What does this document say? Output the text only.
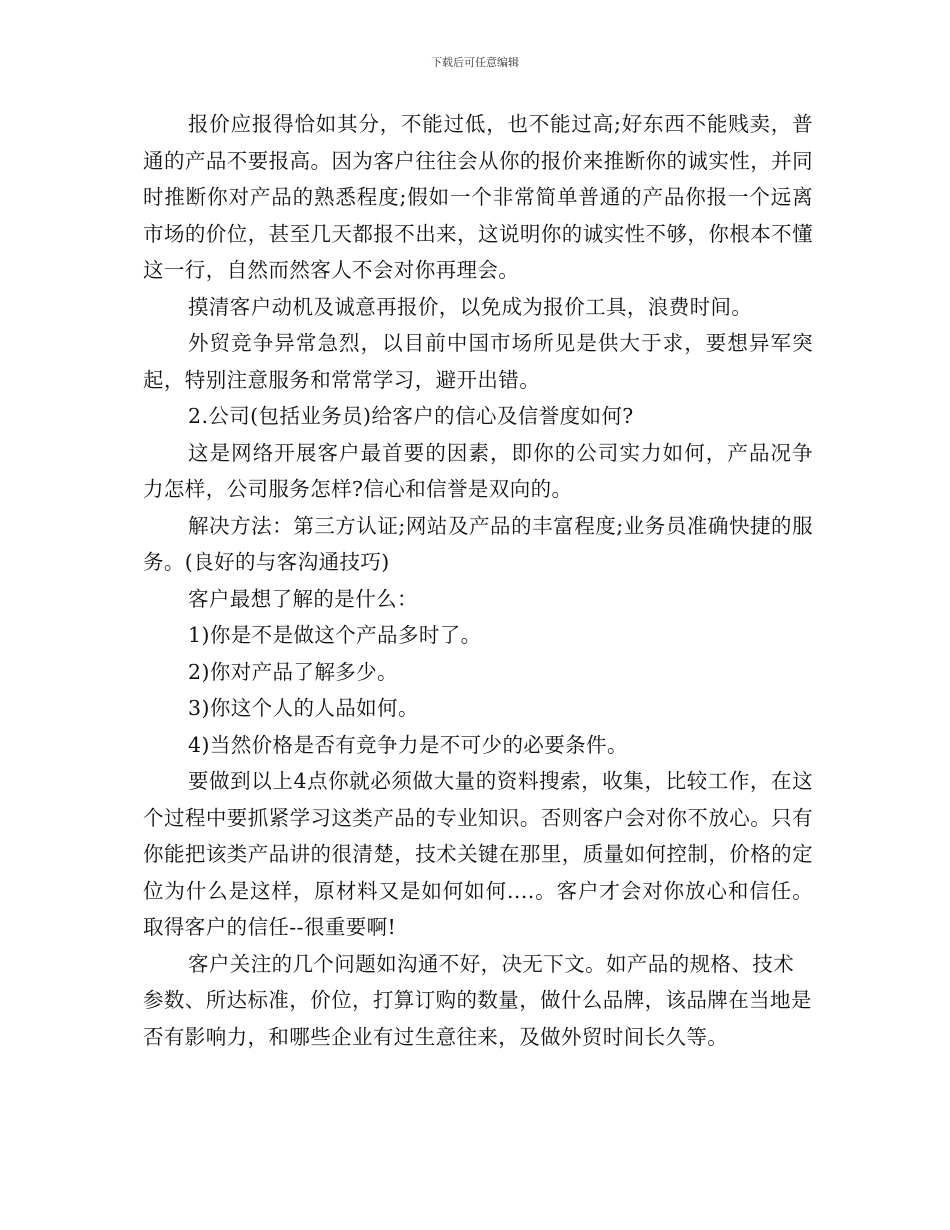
下载后可任意编辑

报价应报得恰如其分，不能过低，也不能过高;好东西不能贱卖，普通的产品不要报高。因为客户往往会从你的报价来推断你的诚实性，并同时推断你对产品的熟悉程度;假如一个非常简单普通的产品你报一个远离市场的价位，甚至几天都报不出来，这说明你的诚实性不够，你根本不懂这一行，自然而然客人不会对你再理会。

摸清客户动机及诚意再报价，以免成为报价工具，浪费时间。

外贸竞争异常急烈，以目前中国市场所见是供大于求，要想异军突起，特别注意服务和常常学习，避开出错。

2.公司(包括业务员)给客户的信心及信誉度如何?

这是网络开展客户最首要的因素，即你的公司实力如何，产品况争力怎样，公司服务怎样?信心和信誉是双向的。

解决方法：第三方认证;网站及产品的丰富程度;业务员准确快捷的服务。(良好的与客沟通技巧)

客户最想了解的是什么：

1)你是不是做这个产品多时了。

2)你对产品了解多少。

3)你这个人的人品如何。

4)当然价格是否有竞争力是不可少的必要条件。

要做到以上4点你就必须做大量的资料搜索，收集，比较工作，在这个过程中要抓紧学习这类产品的专业知识。否则客户会对你不放心。只有你能把该类产品讲的很清楚，技术关键在那里，质量如何控制，价格的定位为什么是这样，原材料又是如何如何....。客户才会对你放心和信任。取得客户的信任--很重要啊!

客户关注的几个问题如沟通不好，决无下文。如产品的规格、技术参数、所达标准，价位，打算订购的数量，做什么品牌，该品牌在当地是否有影响力，和哪些企业有过生意往来，及做外贸时间长久等。
